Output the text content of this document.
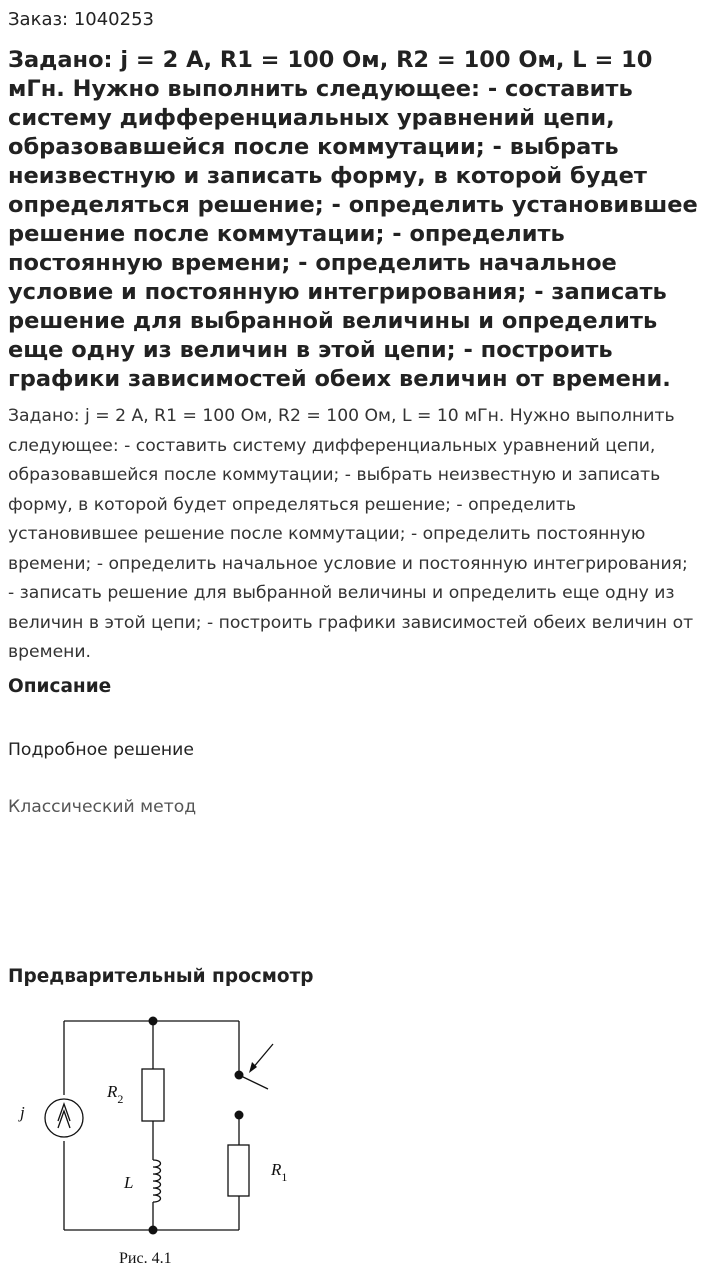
Заказ: 1040253
Задано: j = 2 А, R1 = 100 Ом, R2 = 100 Ом, L = 10 мГн. Нужно выполнить следующее: - составить систему дифференциальных уравнений цепи, образовавшейся после коммутации; - выбрать неизвестную и записать форму, в которой будет определяться решение; - определить установившее решение после коммутации; - определить постоянную времени; - определить начальное условие и постоянную интегрирования; - записать решение для выбранной величины и определить еще одну из величин в этой цепи; - построить графики зависимостей обеих величин от времени.

Задано: j = 2 А, R1 = 100 Ом, R2 = 100 Ом, L = 10 мГн. Нужно выполнить следующее: - составить систему дифференциальных уравнений цепи, образовавшейся после коммутации; - выбрать неизвестную и записать форму, в которой будет определяться решение; - определить установившее решение после коммутации; - определить постоянную времени; - определить начальное условие и постоянную интегрирования; - записать решение для выбранной величины и определить еще одну из величин в этой цепи; - построить графики зависимостей обеих величин от времени.

Описание
Подробное решение
Классический метод
Предварительный просмотр
j
$R_2$
L
$R_1$
Рис. 4.1
